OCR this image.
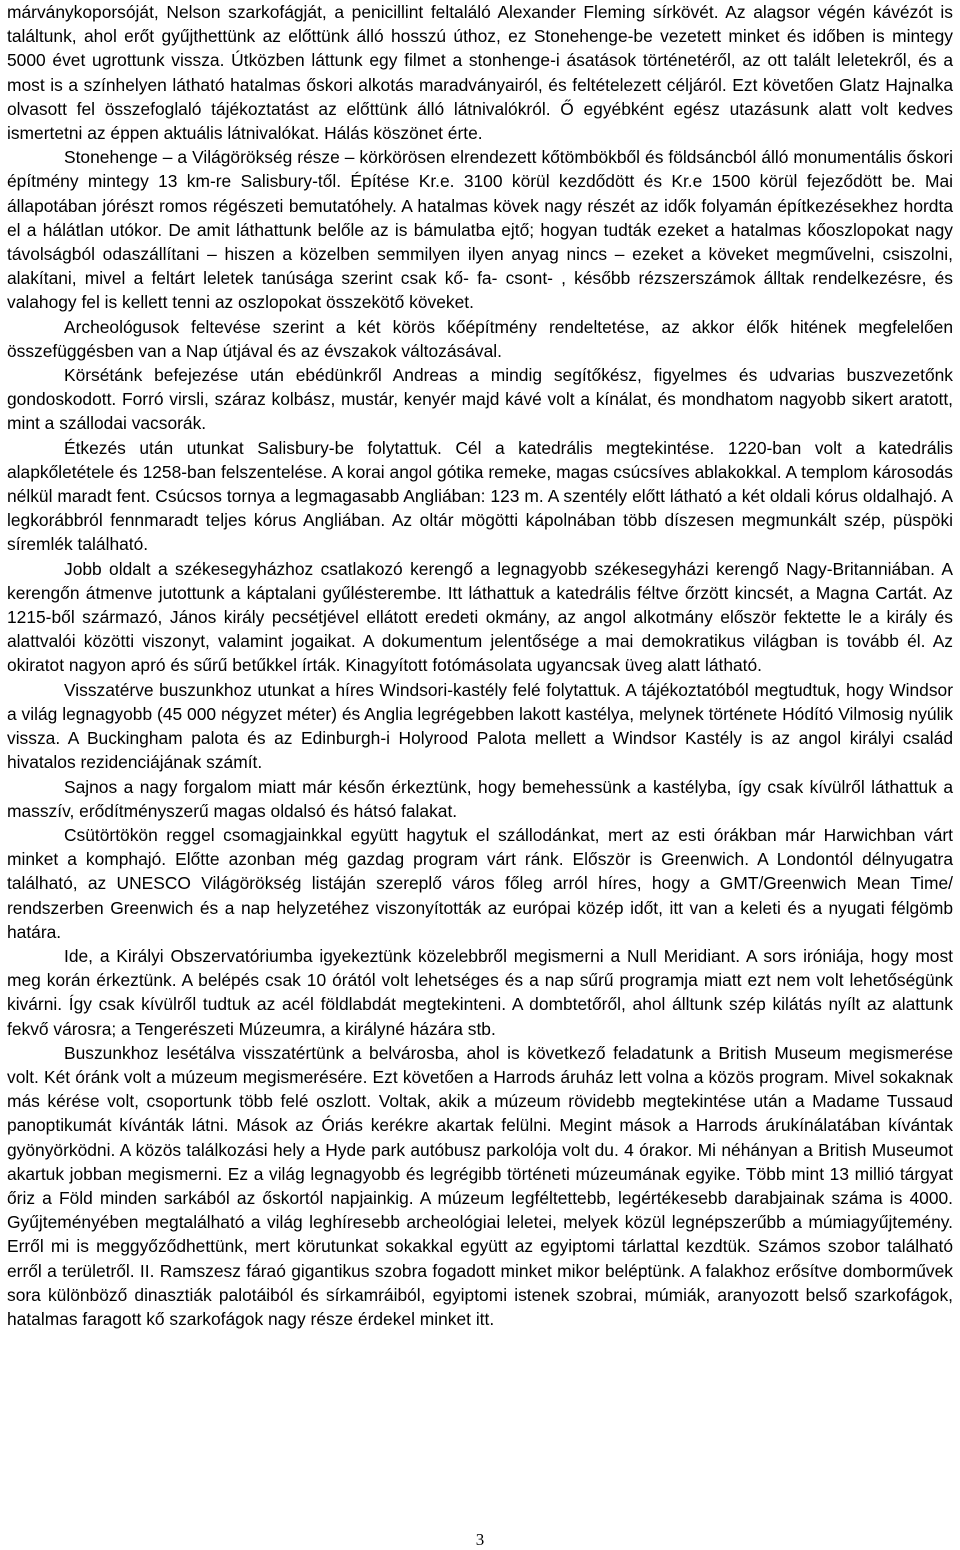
márványkoporsóját, Nelson szarkofágját, a penicillint feltaláló Alexander Fleming sírkövét. Az alagsor végén kávézót is találtunk, ahol erőt gyűjthettünk az előttünk álló hosszú úthoz, ez Stonehenge-be vezetett minket és időben is mintegy 5000 évet ugrottunk vissza. Útközben láttunk egy filmet a stonhenge-i ásatások történetéről, az ott talált leletekről, és a most is a színhelyen látható hatalmas őskori alkotás maradványairól, és feltételezett céljáról. Ezt követően Glatz Hajnalka olvasott fel összefoglaló tájékoztatást az előttünk álló látnivalókról. Ő egyébként egész utazásunk alatt volt kedves ismertetni az éppen aktuális látnivalókat. Hálás köszönet érte.

Stonehenge – a Világörökség része – körkörösen elrendezett kőtömbökből és földsáncból álló monumentális őskori építmény mintegy 13 km-re Salisbury-től. Építése Kr.e. 3100 körül kezdődött és Kr.e 1500 körül fejeződött be. Mai állapotában jórészt romos régészeti bemutatóhely. A hatalmas kövek nagy részét az idők folyamán építkezésekhez hordta el a hálátlan utókor. De amit láthattunk belőle az is bámulatba ejtő; hogyan tudták ezeket a hatalmas kőoszlopokat nagy távolságból odaszállítani – hiszen a közelben semmilyen ilyen anyag nincs – ezeket a köveket megművelni, csiszolni, alakítani, mivel a feltárt leletek tanúsága szerint csak kő- fa- csont- , később rézszerszámok álltak rendelkezésre, és valahogy fel is kellett tenni az oszlopokat összekötő köveket.

Archeológusok feltevése szerint a két körös kőépítmény rendeltetése, az akkor élők hitének megfelelően összefüggésben van a Nap útjával és az évszakok változásával.

Körsétánk befejezése után ebédünkről Andreas a mindig segítőkész, figyelmes és udvarias buszvezetőnk gondoskodott. Forró virsli, száraz kolbász, mustár, kenyér majd kávé volt a kínálat, és mondhatom nagyobb sikert aratott, mint a szállodai vacsorák.

Étkezés után utunkat Salisbury-be folytattuk. Cél a katedrális megtekintése. 1220-ban volt a katedrális alapkőletétele és 1258-ban felszentelése. A korai angol gótika remeke, magas csúcsíves ablakokkal. A templom károsodás nélkül maradt fent. Csúcsos tornya a legmagasabb Angliában: 123 m. A szentély előtt látható a két oldali kórus oldalhajó. A legkorábbról fennmaradt teljes kórus Angliában. Az oltár mögötti kápolnában több díszesen megmunkált szép, püspöki síremlék található.

Jobb oldalt a székesegyházhoz csatlakozó kerengő a legnagyobb székesegyházi kerengő Nagy-Britanniában. A kerengőn átmenve jutottunk a káptalani gyűlésterembe. Itt láthattuk a katedrális féltve őrzött kincsét, a Magna Cartát. Az 1215-ből származó, János király pecsétjével ellátott eredeti okmány, az angol alkotmány először fektette le a király és alattvalói közötti viszonyt, valamint jogaikat. A dokumentum jelentősége a mai demokratikus világban is tovább él. Az okiratot nagyon apró és sűrű betűkkel írták. Kinagyított fotómásolata ugyancsak üveg alatt látható.

Visszatérve buszunkhoz utunkat a híres Windsori-kastély felé folytattuk. A tájékoztatóból megtudtuk, hogy Windsor a világ legnagyobb (45 000 négyzet méter) és Anglia legrégebben lakott kastélya, melynek története Hódító Vilmosig nyúlik vissza. A Buckingham palota és az Edinburgh-i Holyrood Palota mellett a Windsor Kastély is az angol királyi család hivatalos rezidenciájának számít.

Sajnos a nagy forgalom miatt már későn érkeztünk, hogy bemehessünk a kastélyba, így csak kívülről láthattuk a masszív, erődítményszerű magas oldalsó és hátsó falakat.

Csütörtökön reggel csomagjainkkal együtt hagytuk el szállodánkat, mert az esti órákban már Harwichban várt minket a komphajó. Előtte azonban még gazdag program várt ránk. Először is Greenwich. A Londontól délnyugatra található, az UNESCO Világörökség listáján szereplő város főleg arról híres, hogy a GMT/Greenwich Mean Time/ rendszerben Greenwich és a nap helyzetéhez viszonyították az európai közép időt, itt van a keleti és a nyugati félgömb határa.

Ide, a Királyi Obszervatóriumba igyekeztünk közelebbről megismerni a Null Meridiant. A sors iróniája, hogy most meg korán érkeztünk. A belépés csak 10 órától volt lehetséges és a nap sűrű programja miatt ezt nem volt lehetőségünk kivárni. Így csak kívülről tudtuk az acél földlabdát megtekinteni. A dombtetőről, ahol álltunk szép kilátás nyílt az alattunk fekvő városra; a Tengerészeti Múzeumra, a királyné házára stb.

Buszunkhoz lesétálva visszatértünk a belvárosba, ahol is következő feladatunk a British Museum megismerése volt. Két óránk volt a múzeum megismerésére. Ezt követően a Harrods áruház lett volna a közös program. Mivel sokaknak más kérése volt, csoportunk több felé oszlott. Voltak, akik a múzeum rövidebb megtekintése után a Madame Tussaud panoptikumát kívánták látni. Mások az Óriás kerékre akartak felülni. Megint mások a Harrods árukínálatában kívántak gyönyörködni. A közös találkozási hely a Hyde park autóbusz parkolója volt du. 4 órakor. Mi néhányan a British Museumot akartuk jobban megismerni. Ez a világ legnagyobb és legrégibb történeti múzeumának egyike. Több mint 13 millió tárgyat őriz a Föld minden sarkából az őskortól napjainkig. A múzeum legféltettebb, legértékesebb darabjainak száma is 4000. Gyűjteményében megtalálható a világ leghíresebb archeológiai leletei, melyek közül legnépszerűbb a múmiagyűjtemény. Erről mi is meggyőződhettünk, mert körutunkat sokakkal együtt az egyiptomi tárlattal kezdtük. Számos szobor található erről a területről. II. Ramszesz fáraó gigantikus szobra fogadott minket mikor beléptünk. A falakhoz erősítve domborművek sora különböző dinasztiák palotáiból és sírkamráiból, egyiptomi istenek szobrai, múmiák, aranyozott belső szarkofágok, hatalmas faragott kő szarkofágok nagy része érdekel minket itt.

3
